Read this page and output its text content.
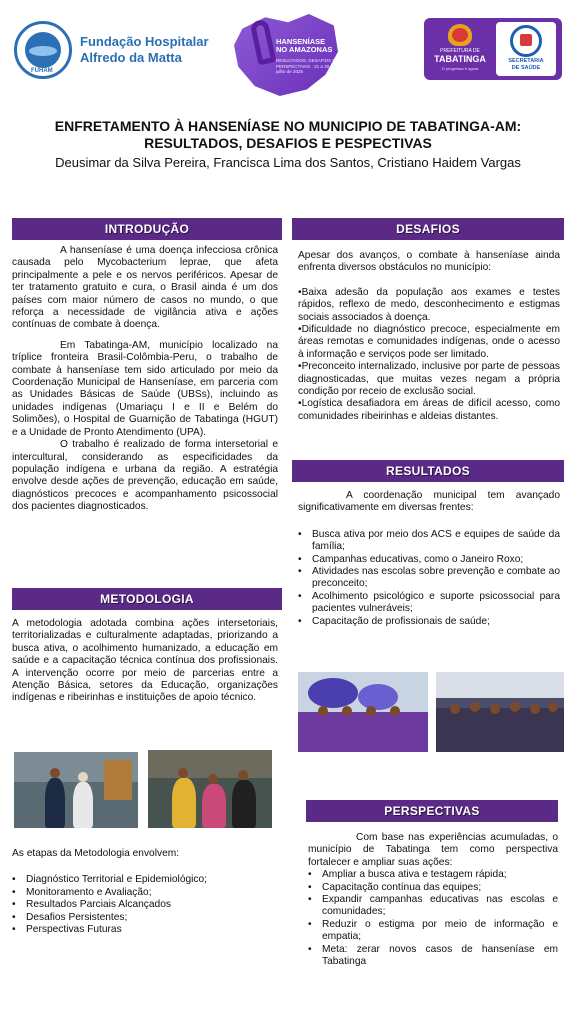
FUHAM
Fundação Hospitalar
Alfredo da Matta
HANSENÍASE NO AMAZONAS
RESULTADOS, DESAFIOS E PERSPECTIVAS · 21 a 30 de julho de 2025
PREFEITURA DE
TABATINGA
O progresso é agora
SECRETARIA
DE SAÚDE
ENFRETAMENTO À HANSENÍASE NO MUNICIPIO DE TABATINGA-AM:
RESULTADOS, DESAFIOS E PESPECTIVAS
Deusimar da Silva Pereira, Francisca Lima dos Santos, Cristiano Haidem Vargas
INTRODUÇÃO

A hanseníase é uma doença infecciosa crônica causada pelo Mycobacterium leprae, que afeta principalmente a pele e os nervos periféricos. Apesar de ter tratamento gratuito e cura, o Brasil ainda é um dos países com maior número de casos no mundo, o que reforça a necessidade de vigilância ativa e ações contínuas de combate à doença.

Em Tabatinga-AM, município localizado na tríplice fronteira Brasil-Colômbia-Peru, o trabalho de combate à hanseníase tem sido articulado por meio da Coordenação Municipal de Hanseníase, em parceria com as Unidades Básicas de Saúde (UBSs), incluindo as unidades indígenas (Umariaçu I e II e Belém do Solimões), o Hospital de Guarnição de Tabatinga (HGUT) e a Unidade de Pronto Atendimento (UPA).

O trabalho é realizado de forma intersetorial e intercultural, considerando as especificidades da população indígena e urbana da região. A estratégia envolve desde ações de prevenção, educação em saúde, diagnósticos precoces e acompanhamento psicossocial dos pacientes diagnosticados.

METODOLOGIA

A metodologia adotada combina ações intersetoriais, territorializadas e culturalmente adaptadas, priorizando a busca ativa, o acolhimento humanizado, a educação em saúde e a capacitação técnica contínua dos profissionais. A intervenção ocorre por meio de parcerias entre a Atenção Básica, setores da Educação, organizações indígenas e ribeirinhas e instituições de apoio técnico.

As etapas da Metodologia envolvem:

• Diagnóstico Territorial e Epidemiológico;
• Monitoramento e Avaliação;
• Resultados Parciais Alcançados
• Desafios Persistentes;
• Perspectivas Futuras
DESAFIOS

Apesar dos avanços, o combate à hanseníase ainda enfrenta diversos obstáculos no município:

•Baixa adesão da população aos exames e testes rápidos, reflexo de medo, desconhecimento e estigmas sociais associados à doença.

•Dificuldade no diagnóstico precoce, especialmente em áreas remotas e comunidades indígenas, onde o acesso à informação e serviços pode ser limitado.

•Preconceito internalizado, inclusive por parte de pessoas diagnosticadas, que muitas vezes negam a própria condição por receio de exclusão social.

•Logística desafiadora em áreas de difícil acesso, como comunidades ribeirinhas e aldeias distantes.

RESULTADOS

A coordenação municipal tem avançado significativamente em diversas frentes:

• Busca ativa por meio dos ACS e equipes de saúde da família;
• Campanhas educativas, como o Janeiro Roxo;
• Atividades nas escolas sobre prevenção e combate ao preconceito;
• Acolhimento psicológico e suporte psicossocial para pacientes vulneráveis;
• Capacitação de profissionais de saúde;
PERSPECTIVAS

Com base nas experiências acumuladas, o município de Tabatinga tem como perspectiva fortalecer e ampliar suas ações:

• Ampliar a busca ativa e testagem rápida;
• Capacitação contínua das equipes;
• Expandir campanhas educativas nas escolas e comunidades;
• Reduzir o estigma por meio de informação e empatia;
• Meta: zerar novos casos de hanseníase em Tabatinga
